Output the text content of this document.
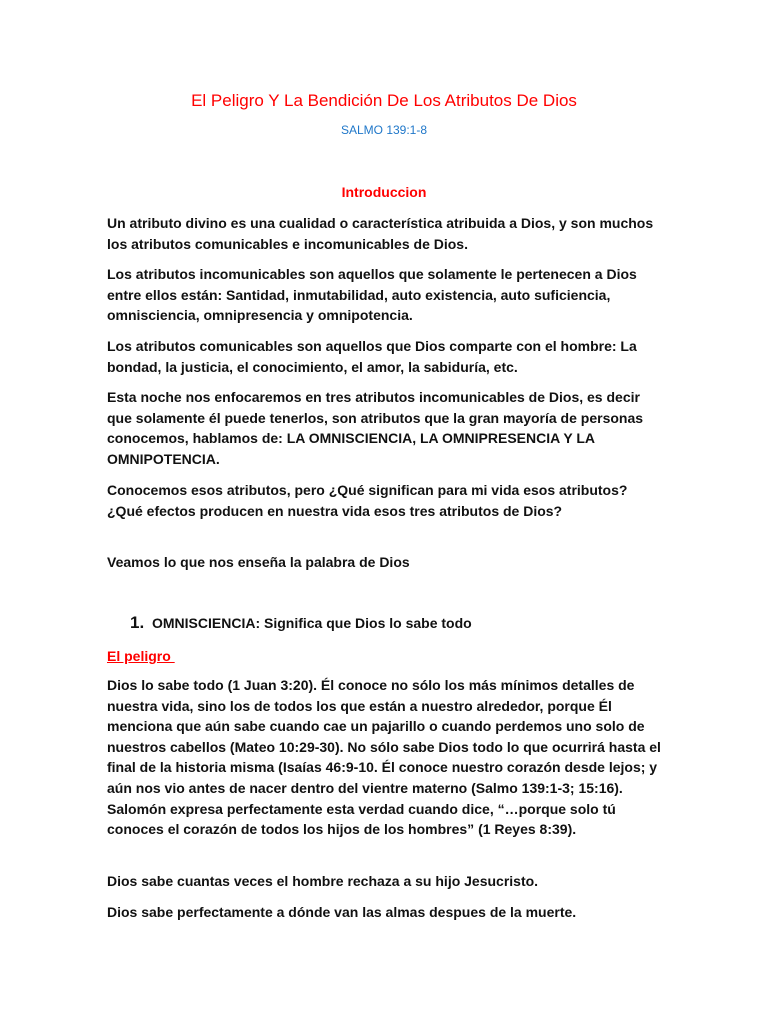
El Peligro Y La Bendición De Los Atributos De Dios

SALMO 139:1-8

Introduccion

Un atributo divino es una cualidad o característica atribuida a Dios, y son muchos los atributos comunicables e incomunicables de Dios.

Los atributos incomunicables son aquellos que solamente le pertenecen a Dios entre ellos están: Santidad, inmutabilidad, auto existencia, auto suficiencia, omnisciencia, omnipresencia y omnipotencia.

Los atributos comunicables son aquellos que Dios comparte con el hombre: La bondad, la justicia, el conocimiento, el amor, la sabiduría, etc.

Esta noche nos enfocaremos en tres atributos incomunicables de Dios, es decir que solamente él puede tenerlos, son atributos que la gran mayoría de personas conocemos, hablamos de: LA OMNISCIENCIA, LA OMNIPRESENCIA Y LA OMNIPOTENCIA.

Conocemos esos atributos, pero ¿Qué significan para mi vida esos atributos? ¿Qué efectos producen en nuestra vida esos tres atributos de Dios?

Veamos lo que nos enseña la palabra de Dios

1. OMNISCIENCIA: Significa que Dios lo sabe todo
El peligro

Dios lo sabe todo (1 Juan 3:20). Él conoce no sólo los más mínimos detalles de nuestra vida, sino los de todos los que están a nuestro alrededor, porque Él menciona que aún sabe cuando cae un pajarillo o cuando perdemos uno solo de nuestros cabellos (Mateo 10:29-30). No sólo sabe Dios todo lo que ocurrirá hasta el final de la historia misma (Isaías 46:9-10. Él conoce nuestro corazón desde lejos; y aún nos vio antes de nacer dentro del vientre materno (Salmo 139:1-3; 15:16). Salomón expresa perfectamente esta verdad cuando dice, “…porque solo tú conoces el corazón de todos los hijos de los hombres” (1 Reyes 8:39).

Dios sabe cuantas veces el hombre rechaza a su hijo Jesucristo.

Dios sabe perfectamente a dónde van las almas despues de la muerte.
